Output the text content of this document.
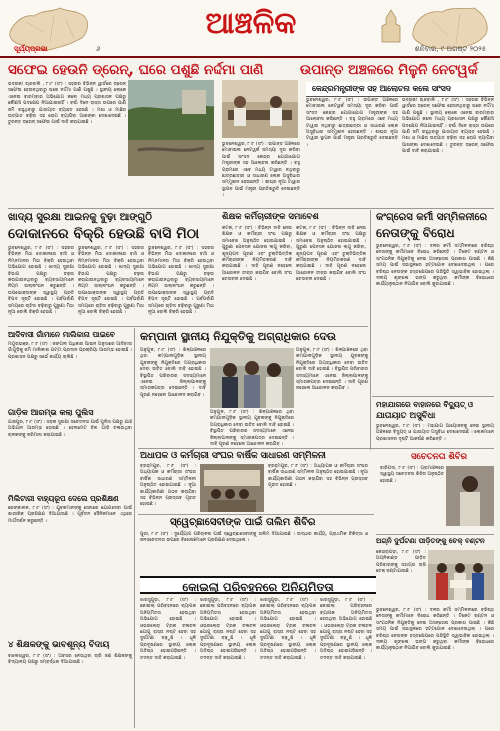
ଆଞ୍ଚଳିକ
ସୂର୍ଯ୍ୟପ୍ରଭା	୬	ଶନିବାର, ୯ ଅଗଷ୍ଟ ୨୦୨୫
ସଫେଇ ହେଉନି ଡ୍ରେନ୍, ଘରେ ପଶୁଛି ନର୍ଦ୍ଦମା ପାଣି	ଉପାନ୍ତ ଅଞ୍ଚଳରେ ମିଳୁନି ନେଟୱର୍କ
ଭଦ୍ରକ/ ଚାନ୍ଦବାଲି , ୮।୮ (ସଂ) : ସହରର ବିଭିନ୍ନ ୱାର୍ଡରେ ଡ୍ରେନ୍ ସଫେଇ ହେଉନଥିବାରୁ ଘରେ ନର୍ଦ୍ଦମା ପାଣି ପଶୁଛି । ସ୍ଥାନୀୟ ଲୋକେ ଏନେଇ ବାରମ୍ବାର ଅଭିଯୋଗ କଲେ ମଧ୍ୟ ପ୍ରଶାସନ ପକ୍ଷରୁ କୌଣସି ପଦକ୍ଷେପ ନିଆଯାଇନାହିଁ । ବର୍ଷା ଦିନେ ରାସ୍ତା ଉପରେ ପାଣି ଜମି ରହୁଥିବାରୁ ଯାତାୟାତ ବ୍ୟାହତ ହେଉଛି । ମଶା ଓ ମାଛିର ଉତ୍ପାତ ବଢ଼ିବା ସହ ରୋଗ ବ୍ୟାପିବା ଆଶଙ୍କା ଦେଖାଦେଇଛି । ତୁରନ୍ତ ଡ୍ରେନ୍ ସଫେଇ ପାଇଁ ଦାବି କରାଯାଇଛି ।
କେନ୍ଦ୍ରମନ୍ତ୍ରୀଙ୍କ ସହ ଆଲୋଚନା କଲେ ସାଂସଦ
ଭୁବନେଶ୍ୱର, ୮।୮ (ସଂ) : ଉପାନ୍ତ ଅଞ୍ଚଳରେ ମୋବାଇଲ ନେଟୱର୍କ ସମସ୍ୟା ଦୂର କରିବା ପାଇଁ ସାଂସଦ କେନ୍ଦ୍ର ଯୋଗାଯୋଗ ମନ୍ତ୍ରୀଙ୍କ ସହ ଆଲୋଚନା କରିଛନ୍ତି । ବହୁ ଗ୍ରାମରେ ଏବେ ମଧ୍ୟ ଟାୱାର ନଥିବାରୁ ଛାତ୍ରଛାତ୍ରୀ ଓ ସାଧାରଣ ଲୋକ ଅସୁବିଧାର ସମ୍ମୁଖୀନ ହେଉଛନ୍ତି । ଶୀଘ୍ର ନୂଆ ଟାୱାର ସ୍ଥାପନ ପାଇଁ ମନ୍ତ୍ରୀ ପ୍ରତିଶ୍ରୁତି ଦେଇଛନ୍ତି ।
ଭଦ୍ରକ/ ଚାନ୍ଦବାଲି , ୮।୮ (ସଂ) : ସହରର ବିଭିନ୍ନ ୱାର୍ଡରେ ଡ୍ରେନ୍ ସଫେଇ ହେଉନଥିବାରୁ ଘରେ ନର୍ଦ୍ଦମା ପାଣି ପଶୁଛି । ସ୍ଥାନୀୟ ଲୋକେ ଏନେଇ ବାରମ୍ବାର ଅଭିଯୋଗ କଲେ ମଧ୍ୟ ପ୍ରଶାସନ ପକ୍ଷରୁ କୌଣସି ପଦକ୍ଷେପ ନିଆଯାଇନାହିଁ । ବର୍ଷା ଦିନେ ରାସ୍ତା ଉପରେ ପାଣି ଜମି ରହୁଥିବାରୁ ଯାତାୟାତ ବ୍ୟାହତ ହେଉଛି । ମଶା ଓ ମାଛିର ଉତ୍ପାତ ବଢ଼ିବା ସହ ରୋଗ ବ୍ୟାପିବା ଆଶଙ୍କା ଦେଖାଦେଇଛି । ତୁରନ୍ତ ଡ୍ରେନ୍ ସଫେଇ ପାଇଁ ଦାବି କରାଯାଇଛି ।
ଭୁବନେଶ୍ୱର, ୮।୮ (ସଂ) : ଉପାନ୍ତ ଅଞ୍ଚଳରେ ମୋବାଇଲ ନେଟୱର୍କ ସମସ୍ୟା ଦୂର କରିବା ପାଇଁ ସାଂସଦ କେନ୍ଦ୍ର ଯୋଗାଯୋଗ ମନ୍ତ୍ରୀଙ୍କ ସହ ଆଲୋଚନା କରିଛନ୍ତି । ବହୁ ଗ୍ରାମରେ ଏବେ ମଧ୍ୟ ଟାୱାର ନଥିବାରୁ ଛାତ୍ରଛାତ୍ରୀ ଓ ସାଧାରଣ ଲୋକ ଅସୁବିଧାର ସମ୍ମୁଖୀନ ହେଉଛନ୍ତି । ଶୀଘ୍ର ନୂଆ ଟାୱାର ସ୍ଥାପନ ପାଇଁ ମନ୍ତ୍ରୀ ପ୍ରତିଶ୍ରୁତି ଦେଇଛନ୍ତି ।
ଖାଦ୍ୟ ସୁରକ୍ଷା ଆଇନକୁ ବୁଢ଼ା ଆଙ୍ଗୁଠି
ଦୋକାନରେ ବିକ୍ରି ହେଉଛି ବାସି ମିଠା
ଭୁବନେଶ୍ୱର, ୮।୮ (ସଂ) : ସହରର ବିଭିନ୍ନ ମିଠା ଦୋକାନରେ ବାସି ଓ ନିମ୍ନମାନର ମିଠା ବିକ୍ରି ହେଉଥିବା ଅଭିଯୋଗ ହୋଇଛି । ଖାଦ୍ୟ ସୁରକ୍ଷା ବିଭାଗ ପକ୍ଷରୁ ଚଢ଼ଉ କରାଯାଉନଥିବାରୁ ବ୍ୟବସାୟୀମାନେ ନିୟମ ଉଲ୍ଲଂଘନ କରୁଛନ୍ତି । ଉପଭୋକ୍ତାଙ୍କ ସ୍ୱାସ୍ଥ୍ୟ ପ୍ରତି ବିପଦ ସୃଷ୍ଟି ହୋଇଛି । ପର୍ବପର୍ବାଣି ସମୟରେ ଚାହିଦା ବଢ଼ିବାରୁ ପୁରୁଣା ମିଠା ନୂଆ ବୋଲି ବିକ୍ରି ହେଉଛି ।
ଭୁବନେଶ୍ୱର, ୮।୮ (ସଂ) : ସହରର ବିଭିନ୍ନ ମିଠା ଦୋକାନରେ ବାସି ଓ ନିମ୍ନମାନର ମିଠା ବିକ୍ରି ହେଉଥିବା ଅଭିଯୋଗ ହୋଇଛି । ଖାଦ୍ୟ ସୁରକ୍ଷା ବିଭାଗ ପକ୍ଷରୁ ଚଢ଼ଉ କରାଯାଉନଥିବାରୁ ବ୍ୟବସାୟୀମାନେ ନିୟମ ଉଲ୍ଲଂଘନ କରୁଛନ୍ତି । ଉପଭୋକ୍ତାଙ୍କ ସ୍ୱାସ୍ଥ୍ୟ ପ୍ରତି ବିପଦ ସୃଷ୍ଟି ହୋଇଛି । ପର୍ବପର୍ବାଣି ସମୟରେ ଚାହିଦା ବଢ଼ିବାରୁ ପୁରୁଣା ମିଠା ନୂଆ ବୋଲି ବିକ୍ରି ହେଉଛି ।
ଭୁବନେଶ୍ୱର, ୮।୮ (ସଂ) : ସହରର ବିଭିନ୍ନ ମିଠା ଦୋକାନରେ ବାସି ଓ ନିମ୍ନମାନର ମିଠା ବିକ୍ରି ହେଉଥିବା ଅଭିଯୋଗ ହୋଇଛି । ଖାଦ୍ୟ ସୁରକ୍ଷା ବିଭାଗ ପକ୍ଷରୁ ଚଢ଼ଉ କରାଯାଉନଥିବାରୁ ବ୍ୟବସାୟୀମାନେ ନିୟମ ଉଲ୍ଲଂଘନ କରୁଛନ୍ତି । ଉପଭୋକ୍ତାଙ୍କ ସ୍ୱାସ୍ଥ୍ୟ ପ୍ରତି ବିପଦ ସୃଷ୍ଟି ହୋଇଛି । ପର୍ବପର୍ବାଣି ସମୟରେ ଚାହିଦା ବଢ଼ିବାରୁ ପୁରୁଣା ମିଠା ନୂଆ ବୋଲି ବିକ୍ରି ହେଉଛି ।
ଶିକ୍ଷକ କର୍ମିଚାରୀଙ୍କ ସମାବେଶ
କଟକ, ୮।୮ (ସଂ) : ବିଭିନ୍ନ ଦାବି ନେଇ ଶିକ୍ଷକ ଓ କର୍ମଚାରୀ ସଂଘ ପକ୍ଷରୁ ସମାବେଶ ଅନୁଷ୍ଠିତ ହୋଇଯାଇଛି । ପୁରୁଣା ପେନସନ ଯୋଜନା ଲାଗୁ କରିବା, ଶୂନ୍ୟପଦ ପୂରଣ ଏବଂ ଚୁକ୍ତିଭିତ୍ତିକ କର୍ମଚାରୀଙ୍କ ନିୟମିତକରଣ ଦାବି କରାଯାଇଛି । ଦାବି ପୂରଣ ନହେଲେ ଆନ୍ଦୋଳନ ତୀବ୍ର କରାଯିବ ବୋଲି ସଂଘ ଚେତାବନୀ ଦେଇଛି ।
କଟକ, ୮।୮ (ସଂ) : ବିଭିନ୍ନ ଦାବି ନେଇ ଶିକ୍ଷକ ଓ କର୍ମଚାରୀ ସଂଘ ପକ୍ଷରୁ ସମାବେଶ ଅନୁଷ୍ଠିତ ହୋଇଯାଇଛି । ପୁରୁଣା ପେନସନ ଯୋଜନା ଲାଗୁ କରିବା, ଶୂନ୍ୟପଦ ପୂରଣ ଏବଂ ଚୁକ୍ତିଭିତ୍ତିକ କର୍ମଚାରୀଙ୍କ ନିୟମିତକରଣ ଦାବି କରାଯାଇଛି । ଦାବି ପୂରଣ ନହେଲେ ଆନ୍ଦୋଳନ ତୀବ୍ର କରାଯିବ ବୋଲି ସଂଘ ଚେତାବନୀ ଦେଇଛି ।
କଂଗ୍ରେସ କର୍ମୀ ସମ୍ମିଳନୀରେ
ନେତାଙ୍କୁ ବିରୋଧ
ଭୁବନେଶ୍ୱର, ୮।୮ (ସଂ) : ଦଳର କର୍ମୀ ସମ୍ମିଳନୀରେ ବରିଷ୍ଠ ନେତାଙ୍କୁ କର୍ମୀମାନେ ବିରୋଧ କରିଛନ୍ତି । ଟିକେଟ ବଣ୍ଟନ ଓ ସାଂଗଠନିକ ନିଯୁକ୍ତିକୁ ନେଇ ଅସନ୍ତୋଷ ପ୍ରକାଶ ପାଇଛି । କିଛି ସମୟ ପାଇଁ ସଭାସ୍ଥଳରେ ହଟ୍ଟଗୋଳ ଦେଖାଦେଇଥିଲା । ପରେ ବରିଷ୍ଠ ନେତାଙ୍କ ହସ୍ତକ୍ଷେପରେ ପରିସ୍ଥିତି ସ୍ୱାଭାବିକ ହୋଇଥିଲା । ଦଳୀୟ ଶୃଙ୍ଖଳା ଭଙ୍ଗ କରୁଥିବା କର୍ମୀଙ୍କ ବିରୋଧରେ କାର୍ଯ୍ୟାନୁଷ୍ଠାନ ନିଆଯିବ ବୋଲି କୁହାଯାଇଛି ।
ଆଦିବାସୀ ଗାଁମାନେ ମାଲିକାନା ପାଇବେ
ମୟୂରଭଞ୍ଜ, ୮।୮ (ସଂ) : ଜଙ୍ଗଲ ଅଧିକାର ଆଇନ ଅନୁସାରେ ଆଦିବାସୀ ଗାଁଗୁଡ଼ିକୁ ଜମି ମାଲିକାନା ପଟ୍ଟା ପ୍ରଦାନ ପ୍ରକ୍ରିୟା ଆରମ୍ଭ ହୋଇଛି । ପ୍ରଶାସନ ପକ୍ଷରୁ ସର୍ଭେ କାର୍ଯ୍ୟ ଚାଲିଛି ।
ଗାଡ଼ିକ ଆରମ୍ଭ କଲା ପୁଲିସ
ଯାଜପୁର, ୮।୮ (ସଂ) : ସଡ଼କ ସୁରକ୍ଷା ସଚେତନତା ପାଇଁ ପୁଲିସ ପକ୍ଷରୁ ଯାଞ୍ଚ ଅଭିଯାନ ଆରମ୍ଭ ହୋଇଛି । ହେଲମେଟ ବିନା ଗାଡ଼ି ଚଳାଉଥିବା ଚାଳକଙ୍କୁ ଜରିମାନା କରାଯାଇଛି ।
ମିଲିଟାରୀ ବାହ୍ୟରୂପ ଦେଲେ ପ୍ରଶିକ୍ଷଣ
ଢେଙ୍କାନାଳ, ୮।୮ (ସଂ) : ଯୁବକମାନଙ୍କୁ ସେନାରେ ଯୋଗଦେବା ପାଇଁ ଶାରୀରିକ ପ୍ରଶିକ୍ଷଣ ଦିଆଯାଉଛି । ପୂର୍ବତନ ସୈନିକମାନେ ଏଥିରେ ମାର୍ଗଦର୍ଶନ କରୁଛନ୍ତି ।
୪ ଶିକ୍ଷକଙ୍କୁ ଭାବଶୂନ୍ୟ ବିଦାୟ
ବାଲେଶ୍ୱର, ୮।୮ (ସଂ) : ଅବସର ନେଉଥିବା ଚାରି ଜଣ ଶିକ୍ଷକଙ୍କୁ ବିଦ୍ୟାଳୟ ପକ୍ଷରୁ ସମ୍ବର୍ଦ୍ଧନା ଦିଆଯାଇଛି ।
କମ୍ପାନୀ ସ୍ଥାନୀୟ ନିଯୁକ୍ତିକୁ ଅଗ୍ରାଧିକାର ଦେଉ
ଅନୁଗୁଳ, ୮।୮ (ସଂ) : ଶିଳ୍ପାଞ୍ଚଳରେ ଥିବା କମ୍ପାନୀଗୁଡ଼ିକ ସ୍ଥାନୀୟ ଯୁବକଙ୍କୁ ନିଯୁକ୍ତିରେ ଅଗ୍ରାଧିକାର ଦେବା ଉଚିତ ବୋଲି ଦାବି ହୋଇଛି । ବିସ୍ଥାପିତ ପରିବାରର ସଦସ୍ୟମାନେ ଏନେଇ ଜିଲ୍ଲାପାଳଙ୍କୁ ସ୍ମାରକପତ୍ର ଦେଇଛନ୍ତି । ଦାବି ପୂରଣ ନହେଲେ ଆନ୍ଦୋଳନ କରାଯିବ ।
ଅନୁଗୁଳ, ୮।୮ (ସଂ) : ଶିଳ୍ପାଞ୍ଚଳରେ ଥିବା କମ୍ପାନୀଗୁଡ଼ିକ ସ୍ଥାନୀୟ ଯୁବକଙ୍କୁ ନିଯୁକ୍ତିରେ ଅଗ୍ରାଧିକାର ଦେବା ଉଚିତ ବୋଲି ଦାବି ହୋଇଛି । ବିସ୍ଥାପିତ ପରିବାରର ସଦସ୍ୟମାନେ ଏନେଇ ଜିଲ୍ଲାପାଳଙ୍କୁ ସ୍ମାରକପତ୍ର ଦେଇଛନ୍ତି । ଦାବି ପୂରଣ ନହେଲେ ଆନ୍ଦୋଳନ କରାଯିବ ।
ଅନୁଗୁଳ, ୮।୮ (ସଂ) : ଶିଳ୍ପାଞ୍ଚଳରେ ଥିବା କମ୍ପାନୀଗୁଡ଼ିକ ସ୍ଥାନୀୟ ଯୁବକଙ୍କୁ ନିଯୁକ୍ତିରେ ଅଗ୍ରାଧିକାର ଦେବା ଉଚିତ ବୋଲି ଦାବି ହୋଇଛି । ବିସ୍ଥାପିତ ପରିବାରର ସଦସ୍ୟମାନେ ଏନେଇ ଜିଲ୍ଲାପାଳଙ୍କୁ ସ୍ମାରକପତ୍ର ଦେଇଛନ୍ତି । ଦାବି ପୂରଣ ନହେଲେ ଆନ୍ଦୋଳନ କରାଯିବ ।
ଅଧାପକ ଓ କର୍ମଚାରୀ ସଂଘର ବାର୍ଷିକ ସାଧାରଣ ସମ୍ମିଳନୀ
ବ୍ରହ୍ମପୁର, ୮।୮ (ସଂ) : ଅଧ୍ୟାପକ ଓ କର୍ମଚାରୀ ସଂଘର ବାର୍ଷିକ ସାଧାରଣ ସମ୍ମିଳନୀ ଅନୁଷ୍ଠିତ ହୋଇଯାଇଛି । ନୂଆ କାର୍ଯ୍ୟକାରିଣୀ ଗଠନ କରାଯିବା ସହ ବିଭିନ୍ନ ପ୍ରସ୍ତାବ ଗୃହୀତ ହୋଇଛି ।
ବ୍ରହ୍ମପୁର, ୮।୮ (ସଂ) : ଅଧ୍ୟାପକ ଓ କର୍ମଚାରୀ ସଂଘର ବାର୍ଷିକ ସାଧାରଣ ସମ୍ମିଳନୀ ଅନୁଷ୍ଠିତ ହୋଇଯାଇଛି । ନୂଆ କାର୍ଯ୍ୟକାରିଣୀ ଗଠନ କରାଯିବା ସହ ବିଭିନ୍ନ ପ୍ରସ୍ତାବ ଗୃହୀତ ହୋଇଛି ।
ସଚେତନତା ଶିବିର
ବାରିପଦା, ୮।୮ (ସଂ) : ଗ୍ରାମାଞ୍ଚଳରେ ସ୍ୱାସ୍ଥ୍ୟ ସଚେତନତା ଶିବିର ଅନୁଷ୍ଠିତ ହୋଇଛି ।
ମହାଯାଗରେ ବାହାନରେ ବିଦ୍ୟୁତ୍ ଓ
ଯାତାୟାତ ଅସୁବିଧା
ଭୁବନେଶ୍ୱର, ୮।୮ (ସଂ) : ମହାଯାଗ ଆୟୋଜନକୁ ନେଇ ସ୍ଥାନୀୟ ଅଞ୍ଚଳରେ ବିଦ୍ୟୁତ୍ ଓ ଯାତାୟାତ ଅସୁବିଧା ଦେଖାଦେଇଛି । ଲୋକମାନେ ପ୍ରଶାସନର ଦୃଷ୍ଟି ଆକର୍ଷଣ କରିଛନ୍ତି ।
ସ୍ୱେଚ୍ଛାସେବୀଙ୍କ ପାଇଁ ତାଲିମ ଶିବିର
ପୁରୀ, ୮।୮ (ସଂ) : ଦୁର୍ଯ୍ୟୋଗ ପରିଚାଳନା ପାଇଁ ସ୍ୱେଚ୍ଛାସେବୀଙ୍କୁ ତାଲିମ ଦିଆଯାଇଛି । ଉଦ୍ଧାର କାର୍ଯ୍ୟ, ପ୍ରାଥମିକ ଚିକିତ୍ସା ଓ ଜନସଚେତନତା ଉପରେ ବିଶେଷଜ୍ଞମାନେ ପ୍ରଶିକ୍ଷଣ ଦେଇଥିଲେ ।	ଅଗ୍ନି ଦୁର୍ଘଟଣା ପୀଡ଼ିତଙ୍କୁ ଚେକ୍ ବଣ୍ଟନ
କେନ୍ଦ୍ରାପଡ଼ା, ୮।୮ (ସଂ) : ଅଗ୍ନିକାଣ୍ଡ ପୀଡ଼ିତ ପରିବାରଙ୍କୁ ସହାୟତା ରାଶି ଚେକ୍ ବଣ୍ଟାଯାଇଛି ।
କୋଇଲା ପରିବହନରେ ଅନିୟମିତତା
ଝାରସୁଗୁଡ଼ା, ୮।୮ (ସଂ) : କୋଇଲା ପରିବହନରେ ବ୍ୟାପକ ଅନିୟମିତତା ହେଉଥିବା ଅଭିଯୋଗ ହୋଇଛି । ଓଭରଲୋଡ଼ ଟ୍ରକ ଚଳାଚଳ ଯୋଗୁ ରାସ୍ତା ନଷ୍ଟ ହେବା ସହ ଦୁର୍ଘଟଣା ବଢ଼ୁଛି । ଧୂଳି ପ୍ରଦୂଷଣରେ ସ୍ଥାନୀୟ ଲୋକ ଅତିଷ୍ଠ ହୋଇପଡ଼ିଛନ୍ତି । ତଦନ୍ତ ଦାବି କରାଯାଇଛି ।
ଝାରସୁଗୁଡ଼ା, ୮।୮ (ସଂ) : କୋଇଲା ପରିବହନରେ ବ୍ୟାପକ ଅନିୟମିତତା ହେଉଥିବା ଅଭିଯୋଗ ହୋଇଛି । ଓଭରଲୋଡ଼ ଟ୍ରକ ଚଳାଚଳ ଯୋଗୁ ରାସ୍ତା ନଷ୍ଟ ହେବା ସହ ଦୁର୍ଘଟଣା ବଢ଼ୁଛି । ଧୂଳି ପ୍ରଦୂଷଣରେ ସ୍ଥାନୀୟ ଲୋକ ଅତିଷ୍ଠ ହୋଇପଡ଼ିଛନ୍ତି । ତଦନ୍ତ ଦାବି କରାଯାଇଛି ।
ଝାରସୁଗୁଡ଼ା, ୮।୮ (ସଂ) : କୋଇଲା ପରିବହନରେ ବ୍ୟାପକ ଅନିୟମିତତା ହେଉଥିବା ଅଭିଯୋଗ ହୋଇଛି । ଓଭରଲୋଡ଼ ଟ୍ରକ ଚଳାଚଳ ଯୋଗୁ ରାସ୍ତା ନଷ୍ଟ ହେବା ସହ ଦୁର୍ଘଟଣା ବଢ଼ୁଛି । ଧୂଳି ପ୍ରଦୂଷଣରେ ସ୍ଥାନୀୟ ଲୋକ ଅତିଷ୍ଠ ହୋଇପଡ଼ିଛନ୍ତି । ତଦନ୍ତ ଦାବି କରାଯାଇଛି ।
ଝାରସୁଗୁଡ଼ା, ୮।୮ (ସଂ) : କୋଇଲା ପରିବହନରେ ବ୍ୟାପକ ଅନିୟମିତତା ହେଉଥିବା ଅଭିଯୋଗ ହୋଇଛି । ଓଭରଲୋଡ଼ ଟ୍ରକ ଚଳାଚଳ ଯୋଗୁ ରାସ୍ତା ନଷ୍ଟ ହେବା ସହ ଦୁର୍ଘଟଣା ବଢ଼ୁଛି । ଧୂଳି ପ୍ରଦୂଷଣରେ ସ୍ଥାନୀୟ ଲୋକ ଅତିଷ୍ଠ ହୋଇପଡ଼ିଛନ୍ତି । ତଦନ୍ତ ଦାବି କରାଯାଇଛି ।
ଭୁବନେଶ୍ୱର, ୮।୮ (ସଂ) : ଦଳର କର୍ମୀ ସମ୍ମିଳନୀରେ ବରିଷ୍ଠ ନେତାଙ୍କୁ କର୍ମୀମାନେ ବିରୋଧ କରିଛନ୍ତି । ଟିକେଟ ବଣ୍ଟନ ଓ ସାଂଗଠନିକ ନିଯୁକ୍ତିକୁ ନେଇ ଅସନ୍ତୋଷ ପ୍ରକାଶ ପାଇଛି । କିଛି ସମୟ ପାଇଁ ସଭାସ୍ଥଳରେ ହଟ୍ଟଗୋଳ ଦେଖାଦେଇଥିଲା । ପରେ ବରିଷ୍ଠ ନେତାଙ୍କ ହସ୍ତକ୍ଷେପରେ ପରିସ୍ଥିତି ସ୍ୱାଭାବିକ ହୋଇଥିଲା । ଦଳୀୟ ଶୃଙ୍ଖଳା ଭଙ୍ଗ କରୁଥିବା କର୍ମୀଙ୍କ ବିରୋଧରେ କାର୍ଯ୍ୟାନୁଷ୍ଠାନ ନିଆଯିବ ବୋଲି କୁହାଯାଇଛି ।
